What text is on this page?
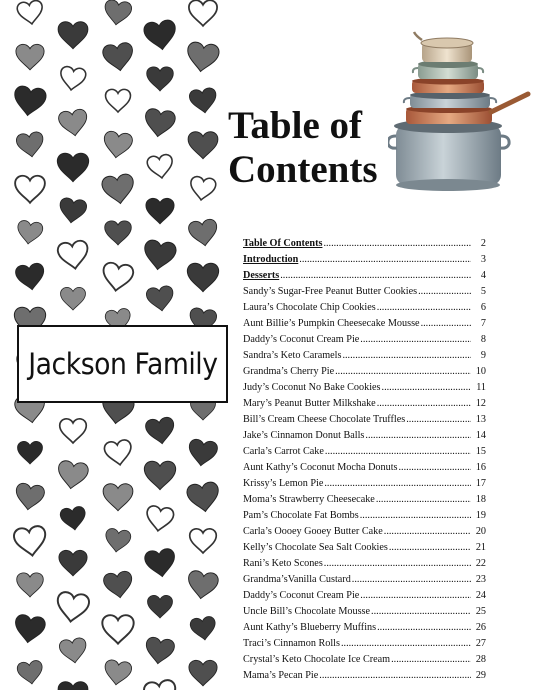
Table of
Contents
Jackson Family
Table Of Contents .....	2
Introduction .....	3
Desserts .....	4
Sandy’s Sugar-Free Peanut Butter Cookies .....	5
Laura’s Chocolate Chip Cookies .....	6
Aunt Billie’s Pumpkin Cheesecake Mousse .....	7
Daddy’s Coconut Cream Pie .....	8
Sandra’s Keto Caramels .....	9
Grandma’s Cherry Pie .....	10
Judy’s Coconut No Bake Cookies .....	11
Mary’s Peanut Butter Milkshake .....	12
Bill’s Cream Cheese Chocolate Truffles .....	13
Jake’s Cinnamon Donut Balls .....	14
Carla’s Carrot Cake .....	15
Aunt Kathy’s Coconut Mocha Donuts .....	16
Krissy’s Lemon Pie .....	17
Moma’s Strawberry Cheesecake .....	18
Pam’s Chocolate Fat Bombs .....	19
Carla’s Oooey Gooey Butter Cake .....	20
Kelly’s Chocolate Sea Salt Cookies .....	21
Rani’s Keto Scones .....	22
Grandma’sVanilla Custard .....	23
Daddy’s Coconut Cream Pie .....	24
Uncle Bill’s Chocolate Mousse .....	25
Aunt Kathy’s Blueberry Muffins .....	26
Traci’s Cinnamon Rolls .....	27
Crystal’s Keto Chocolate Ice Cream .....	28
Mama’s Pecan Pie .....	29
